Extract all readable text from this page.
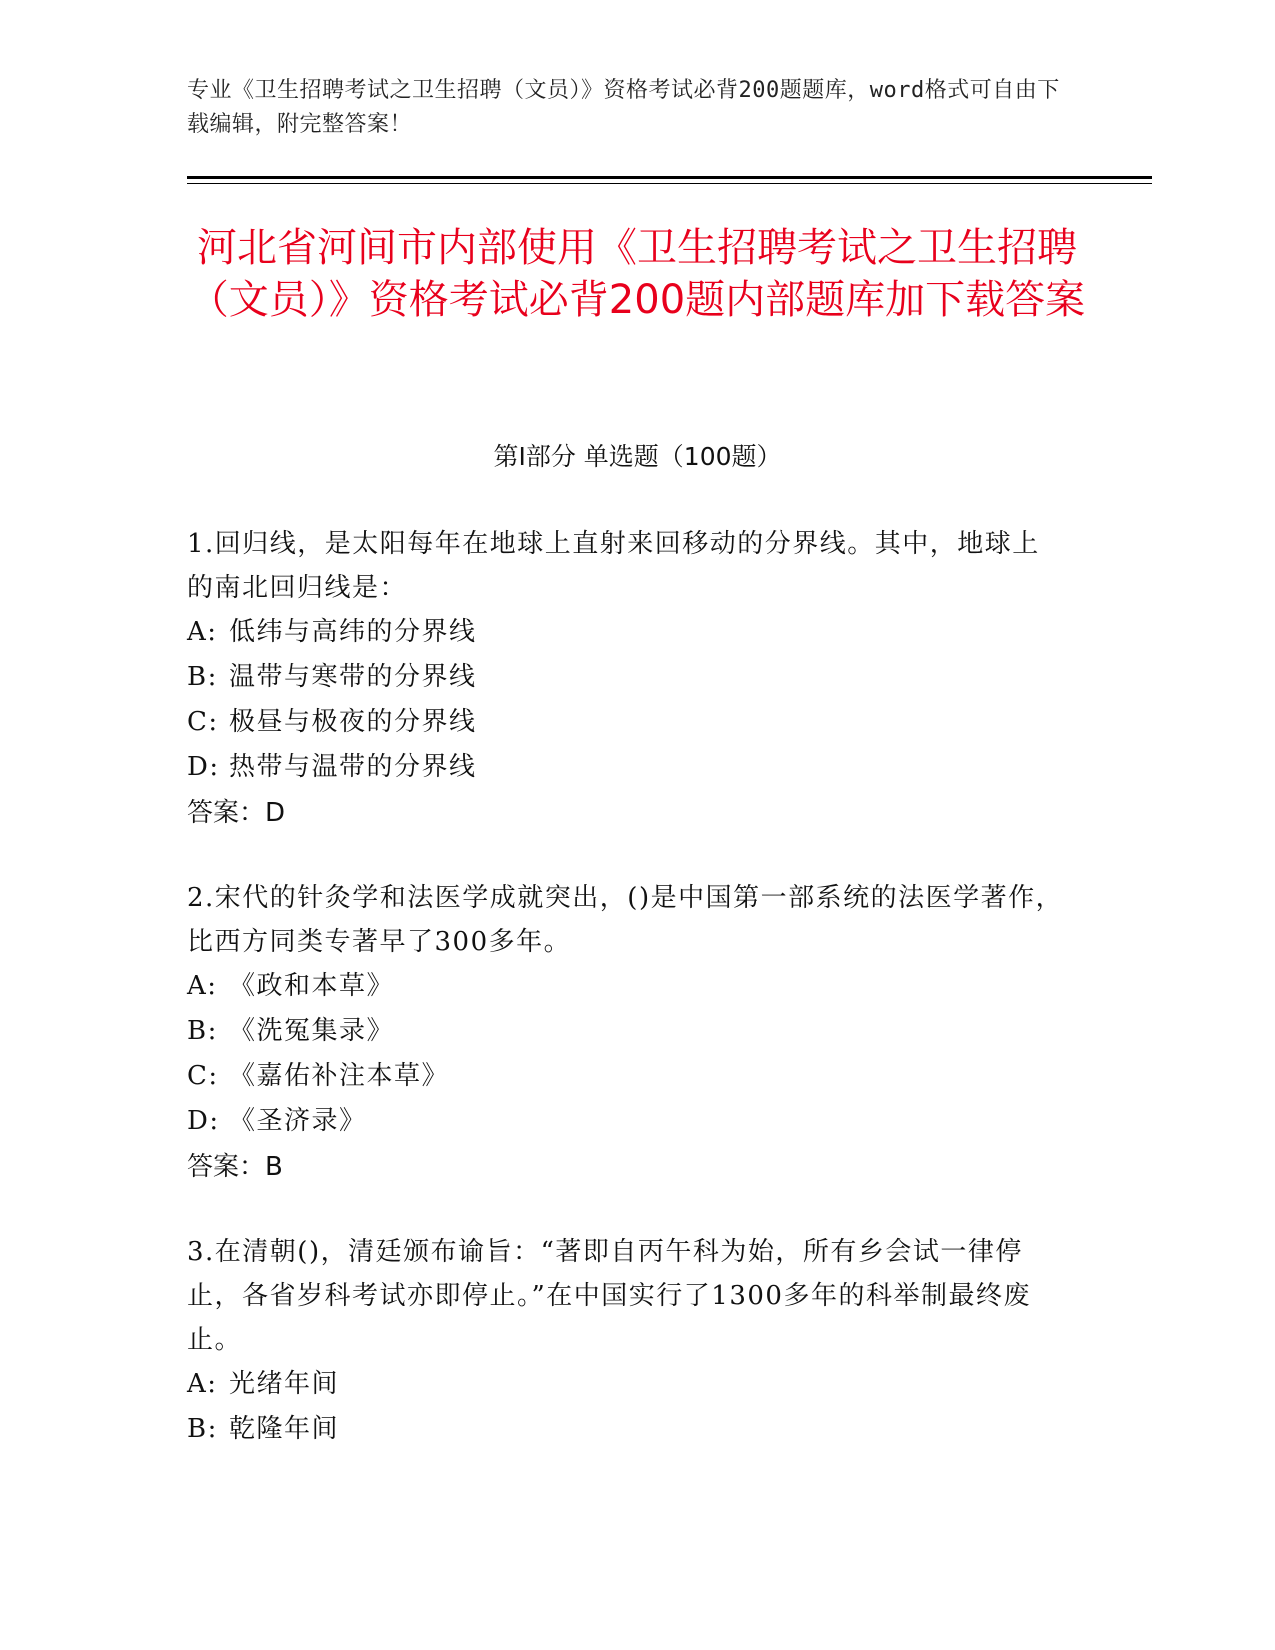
专业《卫生招聘考试之卫生招聘（文员）》资格考试必背200题题库，word格式可自由下载编辑，附完整答案！
河北省河间市内部使用《卫生招聘考试之卫生招聘（文员）》资格考试必背200题内部题库加下载答案
第Ⅰ部分 单选题（100题）
1.回归线，是太阳每年在地球上直射来回移动的分界线。其中，地球上的南北回归线是：
A: 低纬与高纬的分界线
B: 温带与寒带的分界线
C: 极昼与极夜的分界线
D: 热带与温带的分界线
答案：D
2.宋代的针灸学和法医学成就突出，()是中国第一部系统的法医学著作，比西方同类专著早了300多年。
A: 《政和本草》
B: 《洗冤集录》
C: 《嘉佑补注本草》
D: 《圣济录》
答案：B
3.在清朝()，清廷颁布谕旨：“著即自丙午科为始，所有乡会试一律停止，各省岁科考试亦即停止。”在中国实行了1300多年的科举制最终废止。
A: 光绪年间
B: 乾隆年间
